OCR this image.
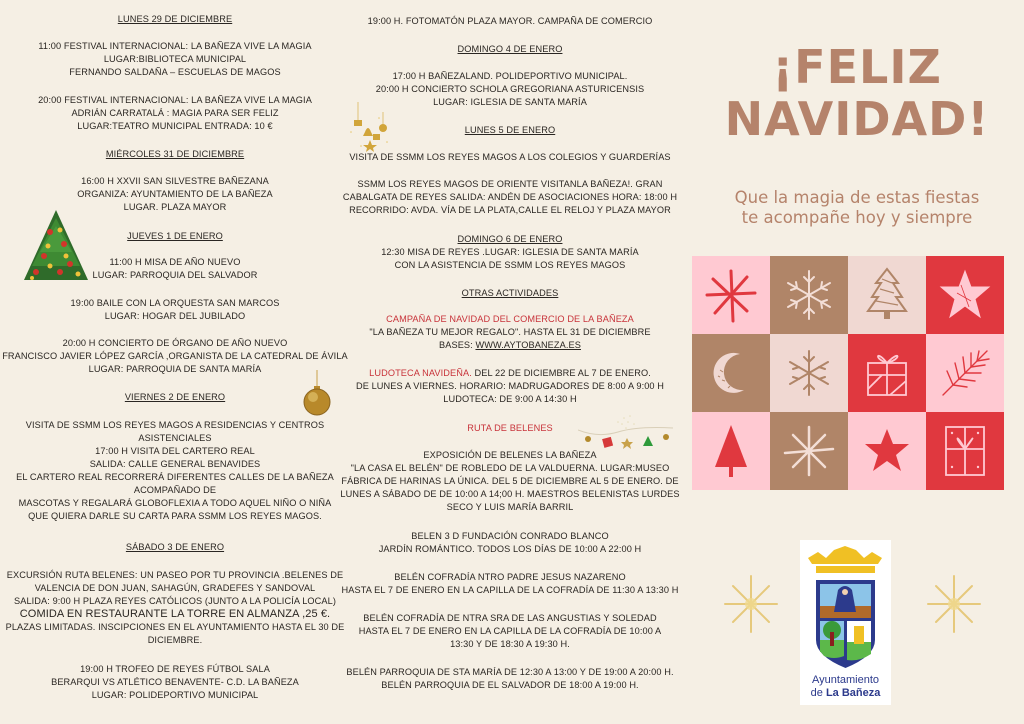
LUNES 29 DE DICIEMBRE
11:00 FESTIVAL INTERNACIONAL: LA BAÑEZA VIVE LA MAGIA
LUGAR:BIBLIOTECA MUNICIPAL
FERNANDO SALDAÑA – ESCUELAS DE MAGOS
20:00 FESTIVAL INTERNACIONAL: LA BAÑEZA VIVE LA MAGIA
ADRIÁN CARRATALÁ : MAGIA PARA SER FELIZ
LUGAR:TEATRO MUNICIPAL ENTRADA: 10 €
MIÉRCOLES 31 DE DICIEMBRE
16:00 H XXVII SAN SILVESTRE BAÑEZANA
ORGANIZA: AYUNTAMIENTO DE LA BAÑEZA
LUGAR. PLAZA MAYOR
JUEVES 1 DE ENERO
11:00 H MISA DE AÑO NUEVO
LUGAR: PARROQUIA DEL SALVADOR
19:00 BAILE CON LA ORQUESTA SAN MARCOS
LUGAR: HOGAR DEL JUBILADO
20:00 H CONCIERTO DE ÓRGANO DE AÑO NUEVO
FRANCISCO JAVIER LÓPEZ GARCÍA ,ORGANISTA DE LA CATEDRAL DE ÁVILA
LUGAR: PARROQUIA DE SANTA MARÍA
VIERNES 2 DE ENERO
VISITA DE SSMM LOS REYES MAGOS A RESIDENCIAS Y CENTROS
ASISTENCIALES
17:00 H VISITA DEL CARTERO REAL
SALIDA: CALLE GENERAL BENAVIDES
EL CARTERO REAL RECORRERÁ DIFERENTES CALLES DE LA BAÑEZA
ACOMPAÑADO DE
MASCOTAS Y REGALARÁ GLOBOFLEXIA A TODO AQUEL NIÑO O NIÑA
QUE QUIERA DARLE SU CARTA PARA SSMM LOS REYES MAGOS.
SÁBADO 3 DE ENERO
EXCURSIÓN RUTA BELENES: UN PASEO POR TU PROVINCIA .BELENES DE
VALENCIA DE DON JUAN, SAHAGÚN, GRADEFES Y SANDOVAL
SALIDA: 9:00 H PLAZA REYES CATÓLICOS (JUNTO A LA POLICÍA LOCAL)
COMIDA EN RESTAURANTE LA TORRE EN ALMANZA ,25 €.
PLAZAS LIMITADAS. INSCIPCIONES EN EL AYUNTAMIENTO HASTA EL 30 DE
DICIEMBRE.
19:00 H TROFEO DE REYES FÚTBOL SALA
BERARQUI VS ATLÉTICO BENAVENTE- C.D. LA BAÑEZA
LUGAR: POLIDEPORTIVO MUNICIPAL
19:00 H. FOTOMATÓN PLAZA MAYOR. CAMPAÑA DE COMERCIO
DOMINGO 4 DE ENERO
17:00 H BAÑEZALAND. POLIDEPORTIVO MUNICIPAL.
20:00 H CONCIERTO SCHOLA GREGORIANA ASTURICENSIS
LUGAR: IGLESIA DE SANTA MARÍA
LUNES 5 DE ENERO
VISITA DE SSMM LOS REYES MAGOS A LOS COLEGIOS Y GUARDERÍAS
SSMM LOS REYES MAGOS DE ORIENTE VISITANLA BAÑEZA!. GRAN
CABALGATA DE REYES SALIDA: ANDÉN DE ASOCIACIONES HORA: 18:00 H
RECORRIDO: AVDA. VÍA DE LA PLATA,CALLE EL RELOJ Y PLAZA MAYOR
DOMINGO 6 DE ENERO
12:30 MISA DE REYES .LUGAR: IGLESIA DE SANTA MARÍA
CON LA ASISTENCIA DE SSMM LOS REYES MAGOS
OTRAS ACTIVIDADES
CAMPAÑA DE NAVIDAD DEL COMERCIO DE LA BAÑEZA
"LA BAÑEZA TU MEJOR REGALO". HASTA EL 31 DE DICIEMBRE
BASES: WWW.AYTOBANEZA.ES
LUDOTECA NAVIDEÑA. DEL 22 DE DICIEMBRE AL 7 DE ENERO.
DE LUNES A VIERNES. HORARIO: MADRUGADORES DE 8:00 A 9:00 H
LUDOTECA: DE 9:00 A 14:30 H
RUTA DE BELENES
EXPOSICIÓN DE BELENES LA BAÑEZA
"LA CASA EL BELÉN" DE ROBLEDO DE LA VALDUERNA. LUGAR:MUSEO
FÁBRICA DE HARINAS LA ÚNICA. DEL 5 DE DICIEMBRE AL 5 DE ENERO. DE
LUNES A SÁBADO DE DE 10:00 A 14;00 H. MAESTROS BELENISTAS LURDES
SECO Y LUIS MARÍA BARRIL
BELEN 3 D FUNDACIÓN CONRADO BLANCO
JARDÍN ROMÁNTICO. TODOS LOS DÍAS DE 10:00 A 22:00 H
BELÉN COFRADÍA NTRO PADRE JESUS NAZARENO
HASTA EL 7 DE ENERO EN LA CAPILLA DE LA COFRADÍA DE 11:30 A 13:30 H
BELÉN COFRADÍA DE NTRA SRA DE LAS ANGUSTIAS Y SOLEDAD
HASTA EL 7 DE ENERO EN LA CAPILLA DE LA COFRADÍA DE 10:00 A
13:30 Y DE 18:30 A 19:30 H.
BELÉN PARROQUIA DE STA MARÍA DE 12:30 A 13:00 Y DE 19:00 A 20:00 H.
BELÉN PARROQUIA DE EL SALVADOR DE 18:00 A 19:00 H.
¡FELIZ
NAVIDAD!
Que la magia de estas fiestas
te acompañe hoy y siempre
Ayuntamiento
de La Bañeza
